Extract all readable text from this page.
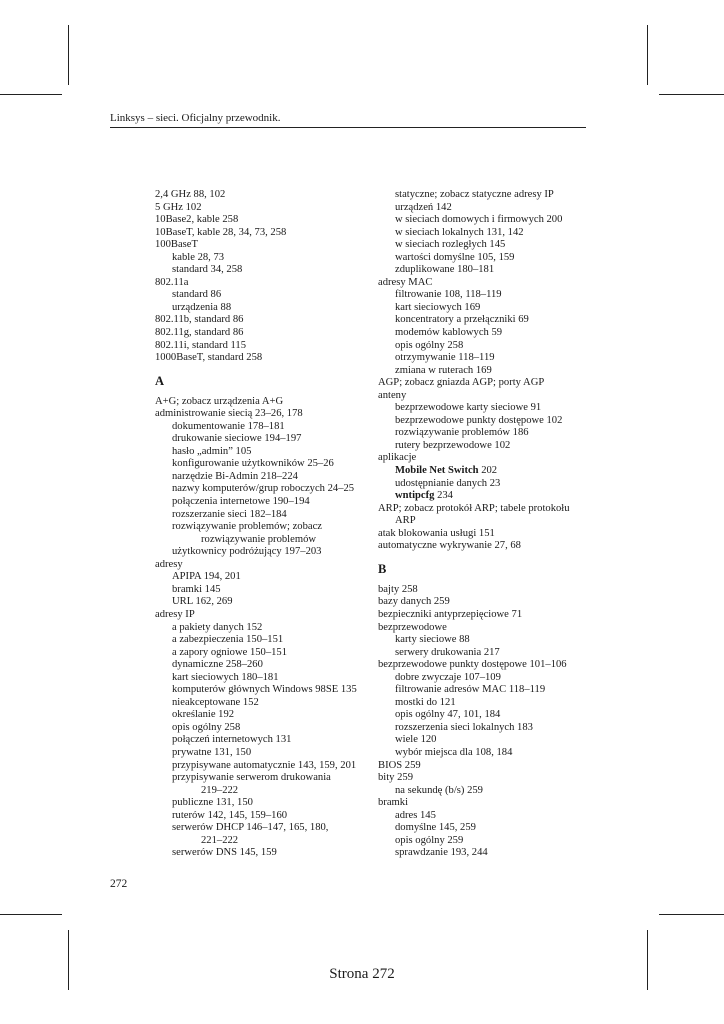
Linksys – sieci. Oficjalny przewodnik.
2,4 GHz 88, 102
5 GHz 102
10Base2, kable 258
10BaseT, kable 28, 34, 73, 258
100BaseT
kable 28, 73
standard 34, 258
802.11a
standard 86
urządzenia 88
802.11b, standard 86
802.11g, standard 86
802.11i, standard 115
1000BaseT, standard 258
A
A+G; zobacz urządzenia A+G
administrowanie siecią 23–26, 178
dokumentowanie 178–181
drukowanie sieciowe 194–197
hasło „admin” 105
konfigurowanie użytkowników 25–26
narzędzie Bi-Admin 218–224
nazwy komputerów/grup roboczych 24–25
połączenia internetowe 190–194
rozszerzanie sieci 182–184
rozwiązywanie problemów; zobacz
rozwiązywanie problemów
użytkownicy podróżujący 197–203
adresy
APIPA 194, 201
bramki 145
URL 162, 269
adresy IP
a pakiety danych 152
a zabezpieczenia 150–151
a zapory ogniowe 150–151
dynamiczne 258–260
kart sieciowych 180–181
komputerów głównych Windows 98SE 135
nieakceptowane 152
określanie 192
opis ogólny 258
połączeń internetowych 131
prywatne 131, 150
przypisywane automatycznie 143, 159, 201
przypisywanie serwerom drukowania
219–222
publiczne 131, 150
ruterów 142, 145, 159–160
serwerów DHCP 146–147, 165, 180,
221–222
serwerów DNS 145, 159
statyczne; zobacz statyczne adresy IP
urządzeń 142
w sieciach domowych i firmowych 200
w sieciach lokalnych 131, 142
w sieciach rozległych 145
wartości domyślne 105, 159
zduplikowane 180–181
adresy MAC
filtrowanie 108, 118–119
kart sieciowych 169
koncentratory a przełączniki 69
modemów kablowych 59
opis ogólny 258
otrzymywanie 118–119
zmiana w ruterach 169
AGP; zobacz gniazda AGP; porty AGP
anteny
bezprzewodowe karty sieciowe 91
bezprzewodowe punkty dostępowe 102
rozwiązywanie problemów 186
rutery bezprzewodowe 102
aplikacje
Mobile Net Switch 202
udostępnianie danych 23
wntipcfg 234
ARP; zobacz protokół ARP; tabele protokołu
ARP
atak blokowania usługi 151
automatyczne wykrywanie 27, 68
B
bajty 258
bazy danych 259
bezpieczniki antyprzepięciowe 71
bezprzewodowe
karty sieciowe 88
serwery drukowania 217
bezprzewodowe punkty dostępowe 101–106
dobre zwyczaje 107–109
filtrowanie adresów MAC 118–119
mostki do 121
opis ogólny 47, 101, 184
rozszerzenia sieci lokalnych 183
wiele 120
wybór miejsca dla 108, 184
BIOS 259
bity 259
na sekundę (b/s) 259
bramki
adres 145
domyślne 145, 259
opis ogólny 259
sprawdzanie 193, 244
272
Strona 272
